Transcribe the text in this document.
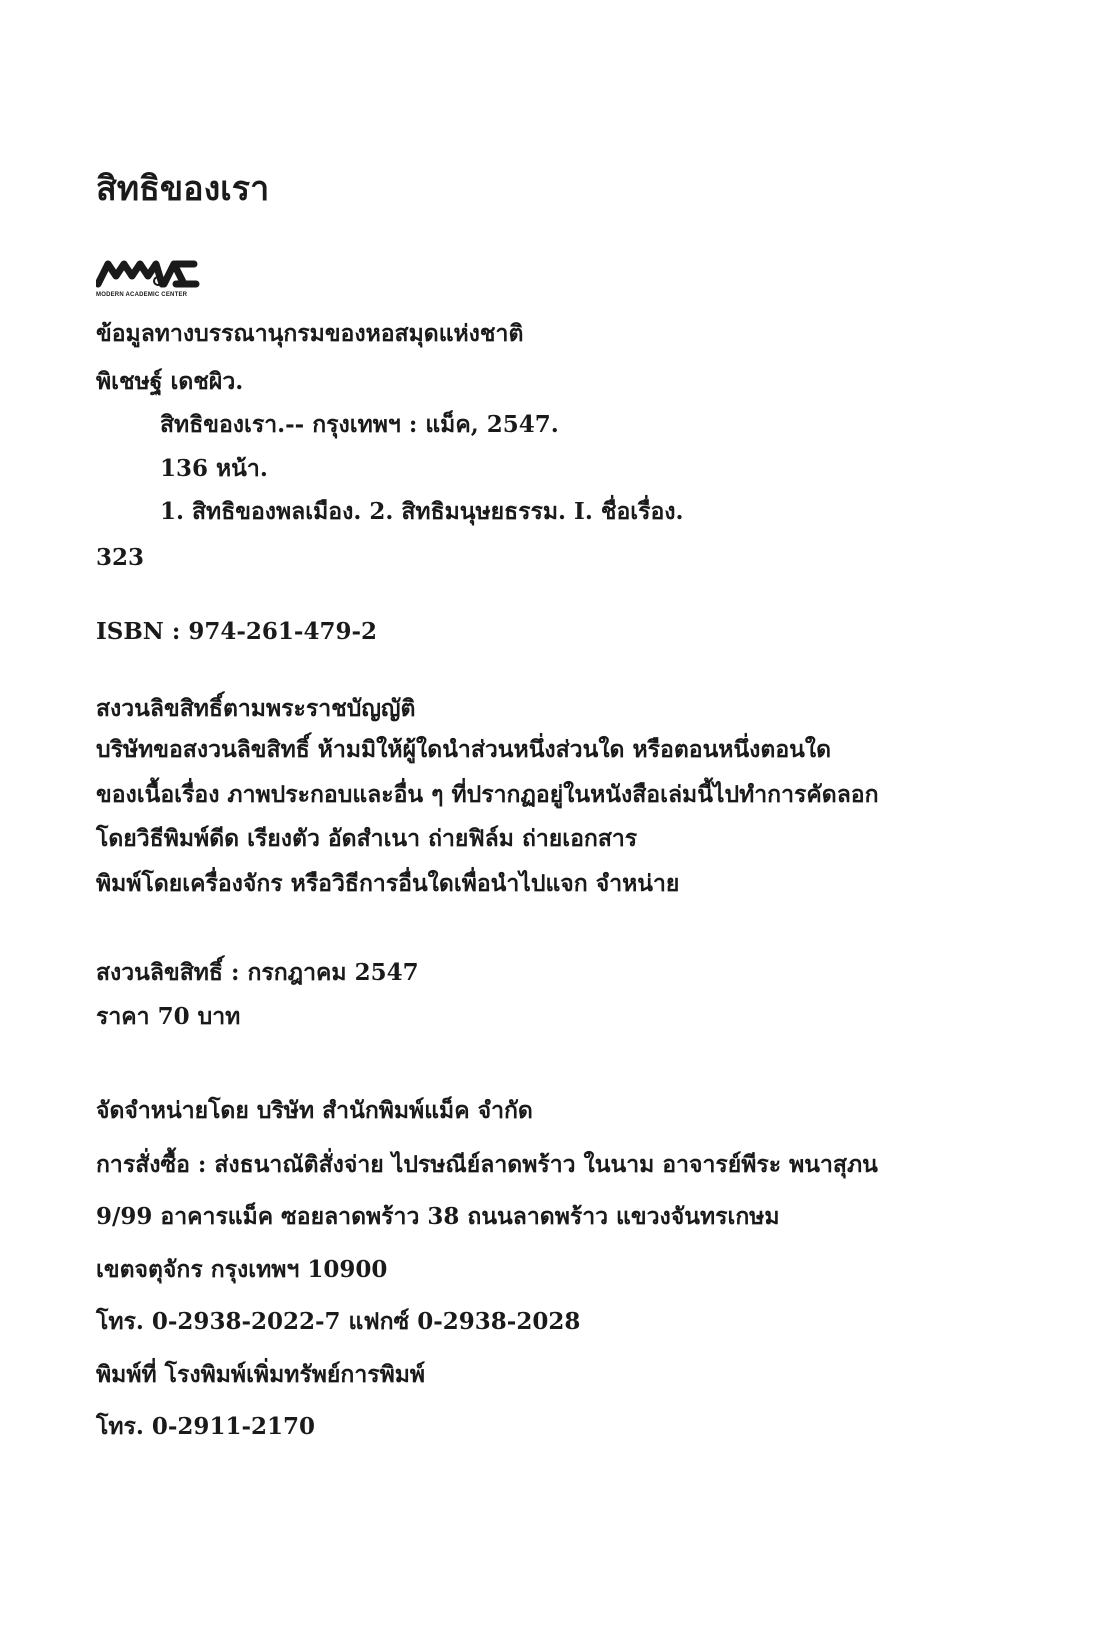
สิทธิของเรา
MODERN ACADEMIC CENTER
ข้อมูลทางบรรณานุกรมของหอสมุดแห่งชาติ
พิเชษฐ์ เดชผิว.
สิทธิของเรา.-- กรุงเทพฯ : แม็ค, 2547.
136 หน้า.
1. สิทธิของพลเมือง. 2. สิทธิมนุษยธรรม. I. ชื่อเรื่อง.
323
ISBN : 974-261-479-2
สงวนลิขสิทธิ์ตามพระราชบัญญัติ
บริษัทขอสงวนลิขสิทธิ์ ห้ามมิให้ผู้ใดนำส่วนหนึ่งส่วนใด หรือตอนหนึ่งตอนใด
ของเนื้อเรื่อง ภาพประกอบและอื่น ๆ ที่ปรากฏอยู่ในหนังสือเล่มนี้ไปทำการคัดลอก
โดยวิธีพิมพ์ดีด เรียงตัว อัดสำเนา ถ่ายฟิล์ม ถ่ายเอกสาร
พิมพ์โดยเครื่องจักร หรือวิธีการอื่นใดเพื่อนำไปแจก จำหน่าย
สงวนลิขสิทธิ์ : กรกฎาคม 2547
ราคา 70 บาท
จัดจำหน่ายโดย บริษัท สำนักพิมพ์แม็ค จำกัด
การสั่งซื้อ : ส่งธนาณัติสั่งจ่าย ไปรษณีย์ลาดพร้าว ในนาม อาจารย์พีระ พนาสุภน
9/99 อาคารแม็ค ซอยลาดพร้าว 38 ถนนลาดพร้าว แขวงจันทรเกษม
เขตจตุจักร กรุงเทพฯ 10900
โทร. 0-2938-2022-7 แฟกซ์ 0-2938-2028
พิมพ์ที่ โรงพิมพ์เพิ่มทรัพย์การพิมพ์
โทร. 0-2911-2170
